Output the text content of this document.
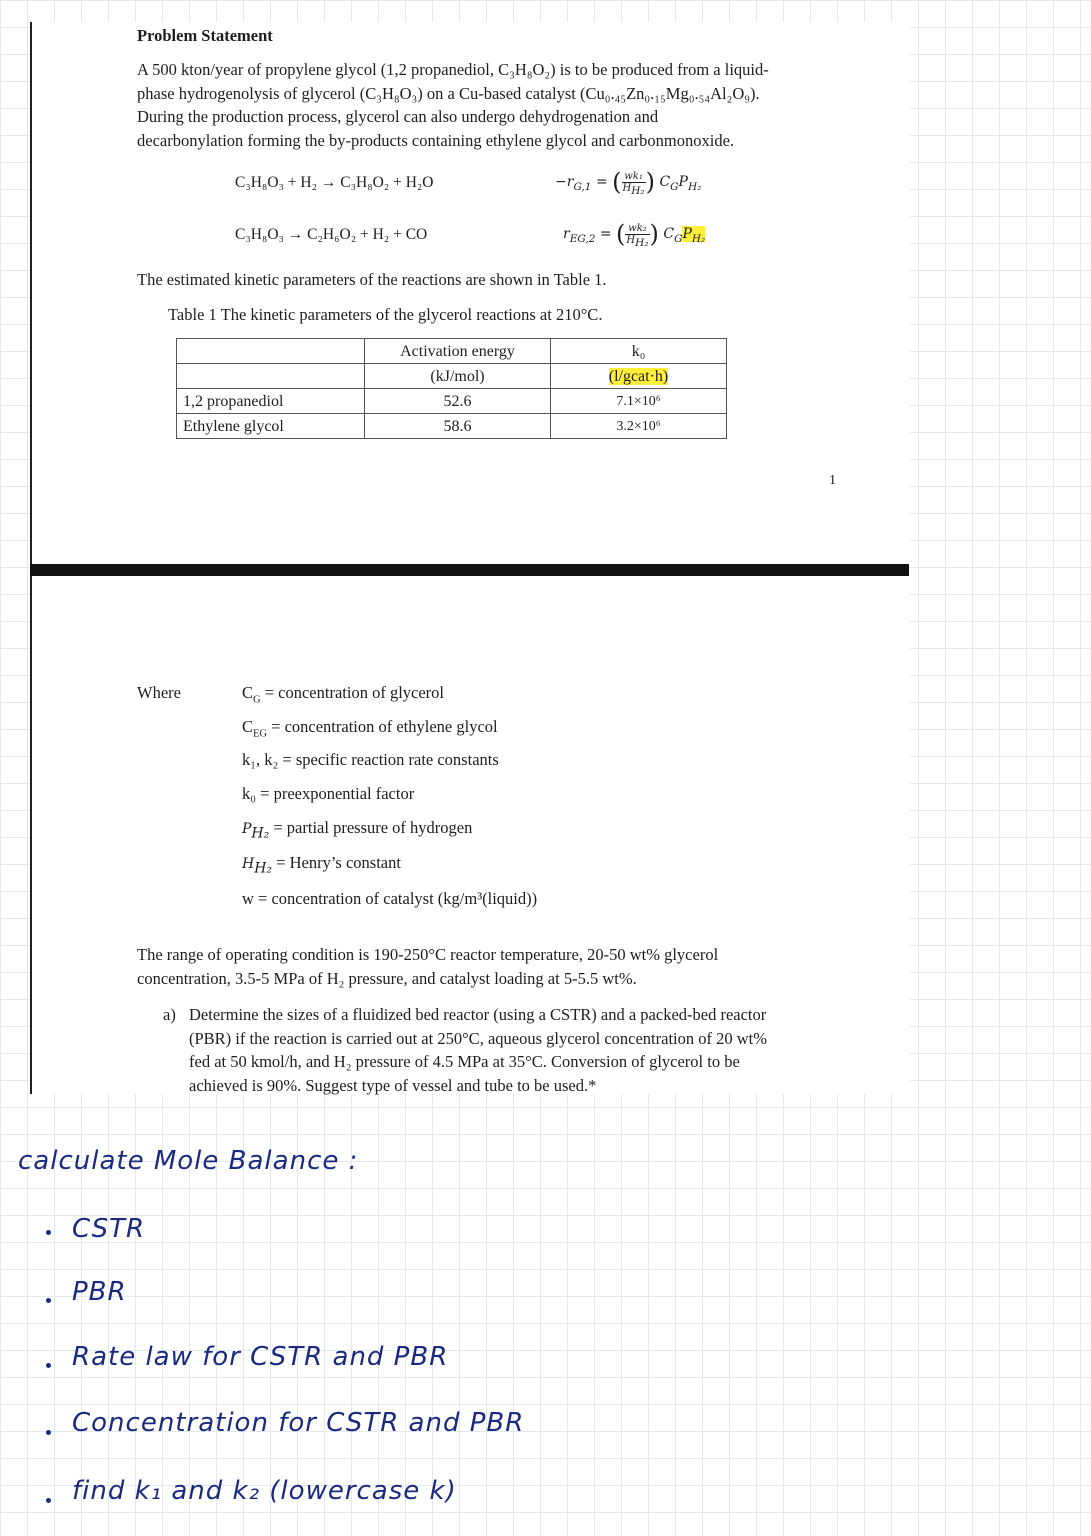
Problem Statement

A 500 kton/year of propylene glycol (1,2 propanediol, C₃H₈O₂) is to be produced from a liquid-

phase hydrogenolysis of glycerol (C₃H₈O₃) on a Cu-based catalyst (Cu₀.₄₅Zn₀.₁₅Mg₀.₅₄Al₂O₉).

During the production process, glycerol can also undergo dehydrogenation and

decarbonylation forming the by-products containing ethylene glycol and carbonmonoxide.

C₃H₈O₃ + H₂ → C₃H₈O₂ + H₂O	$-r_{G,1}$ = ( $\frac{\text{wk₁}}{H_{H_2}}$ ) $C_GP_{H_2}$
C₃H₈O₃ → C₂H₆O₂ + H₂ + CO	$r_{EG,2}$ = ( $\frac{\text{wk₂}}{H_{H_2}}$ ) $C_GP_{H_2}$
The estimated kinetic parameters of the reactions are shown in Table 1.
Table 1 The kinetic parameters of the glycerol reactions at 210°C.
	Activation energy	k₀
	(kJ/mol)	(l/gcat·h)
1,2 propanediol	52.6	7.1×10⁶
Ethylene glycol	58.6	3.2×10⁶
1
Where	$C_G$ = concentration of glycerol
$C_{EG}$ = concentration of ethylene glycol
k₁, k₂ = specific reaction rate constants
k₀ = preexponential factor
$P_{H_2}$ = partial pressure of hydrogen
$H_{H_2}$ = Henry’s constant
w = concentration of catalyst (kg/m³(liquid))

The range of operating condition is 190-250°C reactor temperature, 20-50 wt% glycerol

concentration, 3.5-5 MPa of H₂ pressure, and catalyst loading at 5-5.5 wt%.

a) Determine the sizes of a fluidized bed reactor (using a CSTR) and a packed-bed reactor

(PBR) if the reaction is carried out at 250°C, aqueous glycerol concentration of 20 wt%

fed at 50 kmol/h, and H₂ pressure of 4.5 MPa at 35°C. Conversion of glycerol to be

achieved is 90%. Suggest type of vessel and tube to be used.*

calculate Mole Balance :
CSTR
PBR
Rate law for CSTR and PBR
Concentration for CSTR and PBR
find k₁ and k₂ (lowercase k)
